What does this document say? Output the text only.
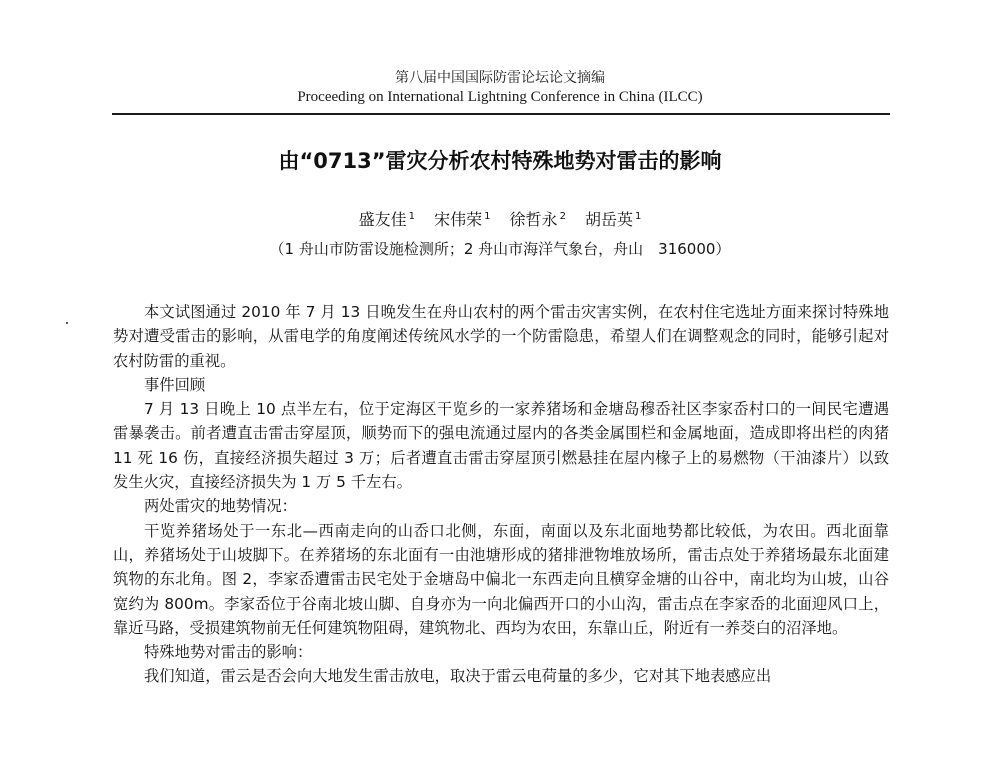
第八届中国国际防雷论坛论文摘编
Proceeding on International Lightning Conference in China (ILCC)
由“0713”雷灾分析农村特殊地势对雷击的影响
盛友佳 $^1$ 宋伟荣 $^1$ 徐哲永 $^2$ 胡岳英 $^1$
（1 舟山市防雷设施检测所；2 舟山市海洋气象台，舟山　316000）

本文试图通过 2010 年 7 月 13 日晚发生在舟山农村的两个雷击灾害实例，在农村住宅选址方面来探讨特殊地势对遭受雷击的影响，从雷电学的角度阐述传统风水学的一个防雷隐患，希望人们在调整观念的同时，能够引起对农村防雷的重视。

事件回顾

7 月 13 日晚上 10 点半左右，位于定海区干览乡的一家养猪场和金塘岛穆岙社区李家岙村口的一间民宅遭遇雷暴袭击。前者遭直击雷击穿屋顶，顺势而下的强电流通过屋内的各类金属围栏和金属地面，造成即将出栏的肉猪 11 死 16 伤，直接经济损失超过 3 万；后者遭直击雷击穿屋顶引燃悬挂在屋内椽子上的易燃物（干油漆片）以致发生火灾，直接经济损失为 1 万 5 千左右。

两处雷灾的地势情况：

干览养猪场处于一东北—西南走向的山岙口北侧，东面，南面以及东北面地势都比较低，为农田。西北面靠山，养猪场处于山坡脚下。在养猪场的东北面有一由池塘形成的猪排泄物堆放场所，雷击点处于养猪场最东北面建筑物的东北角。图 2，李家岙遭雷击民宅处于金塘岛中偏北一东西走向且横穿金塘的山谷中，南北均为山坡，山谷宽约为 800m。李家岙位于谷南北坡山脚、自身亦为一向北偏西开口的小山沟，雷击点在李家岙的北面迎风口上，靠近马路，受损建筑物前无任何建筑物阻碍，建筑物北、西均为农田，东靠山丘，附近有一养茭白的沼泽地。

特殊地势对雷击的影响：

我们知道，雷云是否会向大地发生雷击放电，取决于雷云电荷量的多少，它对其下地表感应出
